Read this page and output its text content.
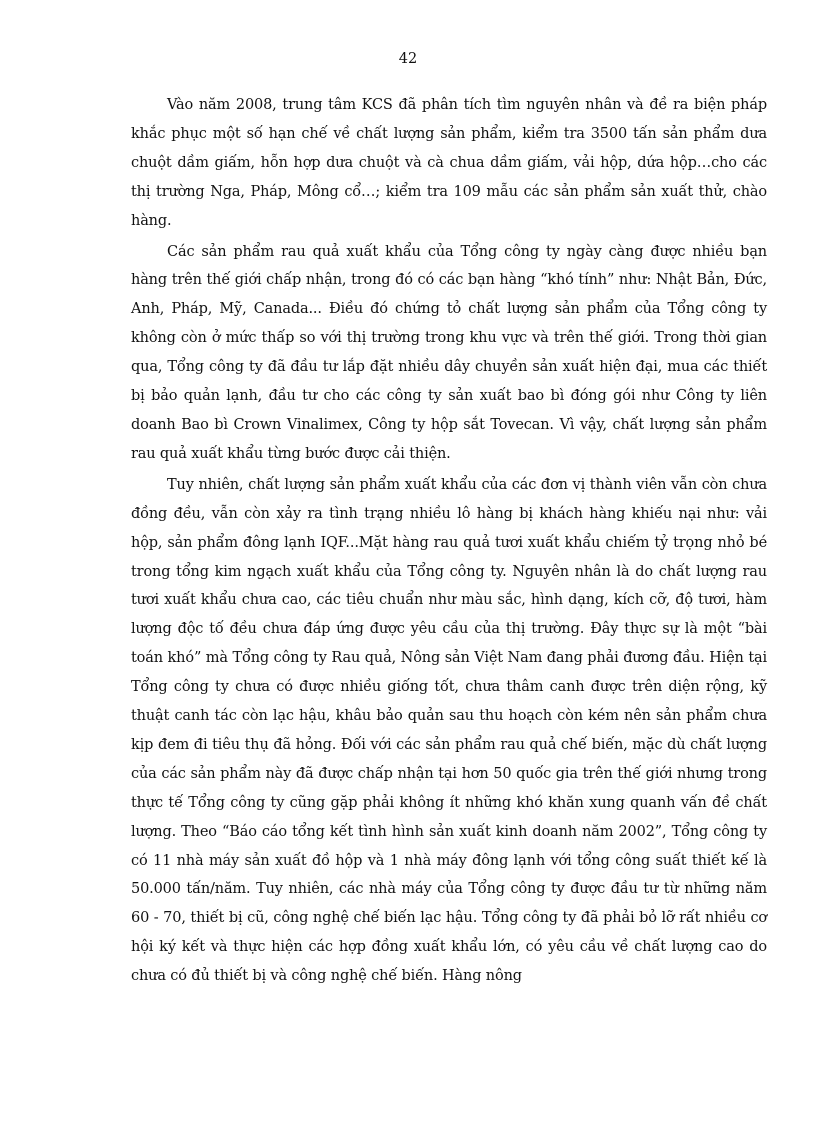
42

Vào năm 2008, trung tâm KCS đã phân tích tìm nguyên nhân và đề ra biện pháp khắc phục một số hạn chế về chất lượng sản phẩm, kiểm tra 3500 tấn sản phẩm dưa chuột dầm giấm, hỗn hợp dưa chuột và cà chua dầm giấm, vải hộp, dứa hộp…cho các thị trường Nga, Pháp, Mông cổ…; kiểm tra 109 mẫu các sản phẩm sản xuất thử, chào hàng.

Các sản phẩm rau quả xuất khẩu của Tổng công ty ngày càng được nhiều bạn hàng trên thế giới chấp nhận, trong đó có các bạn hàng “khó tính” như: Nhật Bản, Đức, Anh, Pháp, Mỹ, Canada... Điều đó chứng tỏ chất lượng sản phẩm của Tổng công ty không còn ở mức thấp so với thị trường trong khu vực và trên thế giới. Trong thời gian qua, Tổng công ty đã đầu tư lắp đặt nhiều dây chuyền sản xuất hiện đại, mua các thiết bị bảo quản lạnh, đầu tư cho các công ty sản xuất bao bì đóng gói như Công ty liên doanh Bao bì Crown Vinalimex, Công ty hộp sắt Tovecan. Vì vậy, chất lượng sản phẩm rau quả xuất khẩu từng bước được cải thiện.

Tuy nhiên, chất lượng sản phẩm xuất khẩu của các đơn vị thành viên vẫn còn chưa đồng đều, vẫn còn xảy ra tình trạng nhiều lô hàng bị khách hàng khiếu nại như: vải hộp, sản phẩm đông lạnh IQF...Mặt hàng rau quả tươi xuất khẩu chiếm tỷ trọng nhỏ bé trong tổng kim ngạch xuất khẩu của Tổng công ty. Nguyên nhân là do chất lượng rau tươi xuất khẩu chưa cao, các tiêu chuẩn như màu sắc, hình dạng, kích cỡ, độ tươi, hàm lượng độc tố đều chưa đáp ứng được yêu cầu của thị trường. Đây thực sự là một “bài toán khó” mà Tổng công ty Rau quả, Nông sản Việt Nam đang phải đương đầu. Hiện tại Tổng công ty chưa có được nhiều giống tốt, chưa thâm canh được trên diện rộng, kỹ thuật canh tác còn lạc hậu, khâu bảo quản sau thu hoạch còn kém nên sản phẩm chưa kịp đem đi tiêu thụ đã hỏng. Đối với các sản phẩm rau quả chế biến, mặc dù chất lượng của các sản phẩm này đã được chấp nhận tại hơn 50 quốc gia trên thế giới nhưng trong thực tế Tổng công ty cũng gặp phải không ít những khó khăn xung quanh vấn đề chất lượng. Theo “Báo cáo tổng kết tình hình sản xuất kinh doanh năm 2002”, Tổng công ty có 11 nhà máy sản xuất đồ hộp và 1 nhà máy đông lạnh với tổng công suất thiết kế là 50.000 tấn/năm. Tuy nhiên, các nhà máy của Tổng công ty được đầu tư từ những năm 60 - 70, thiết bị cũ, công nghệ chế biến lạc hậu. Tổng công ty đã phải bỏ lỡ rất nhiều cơ hội ký kết và thực hiện các hợp đồng xuất khẩu lớn, có yêu cầu về chất lượng cao do chưa có đủ thiết bị và công nghệ chế biến. Hàng nông
